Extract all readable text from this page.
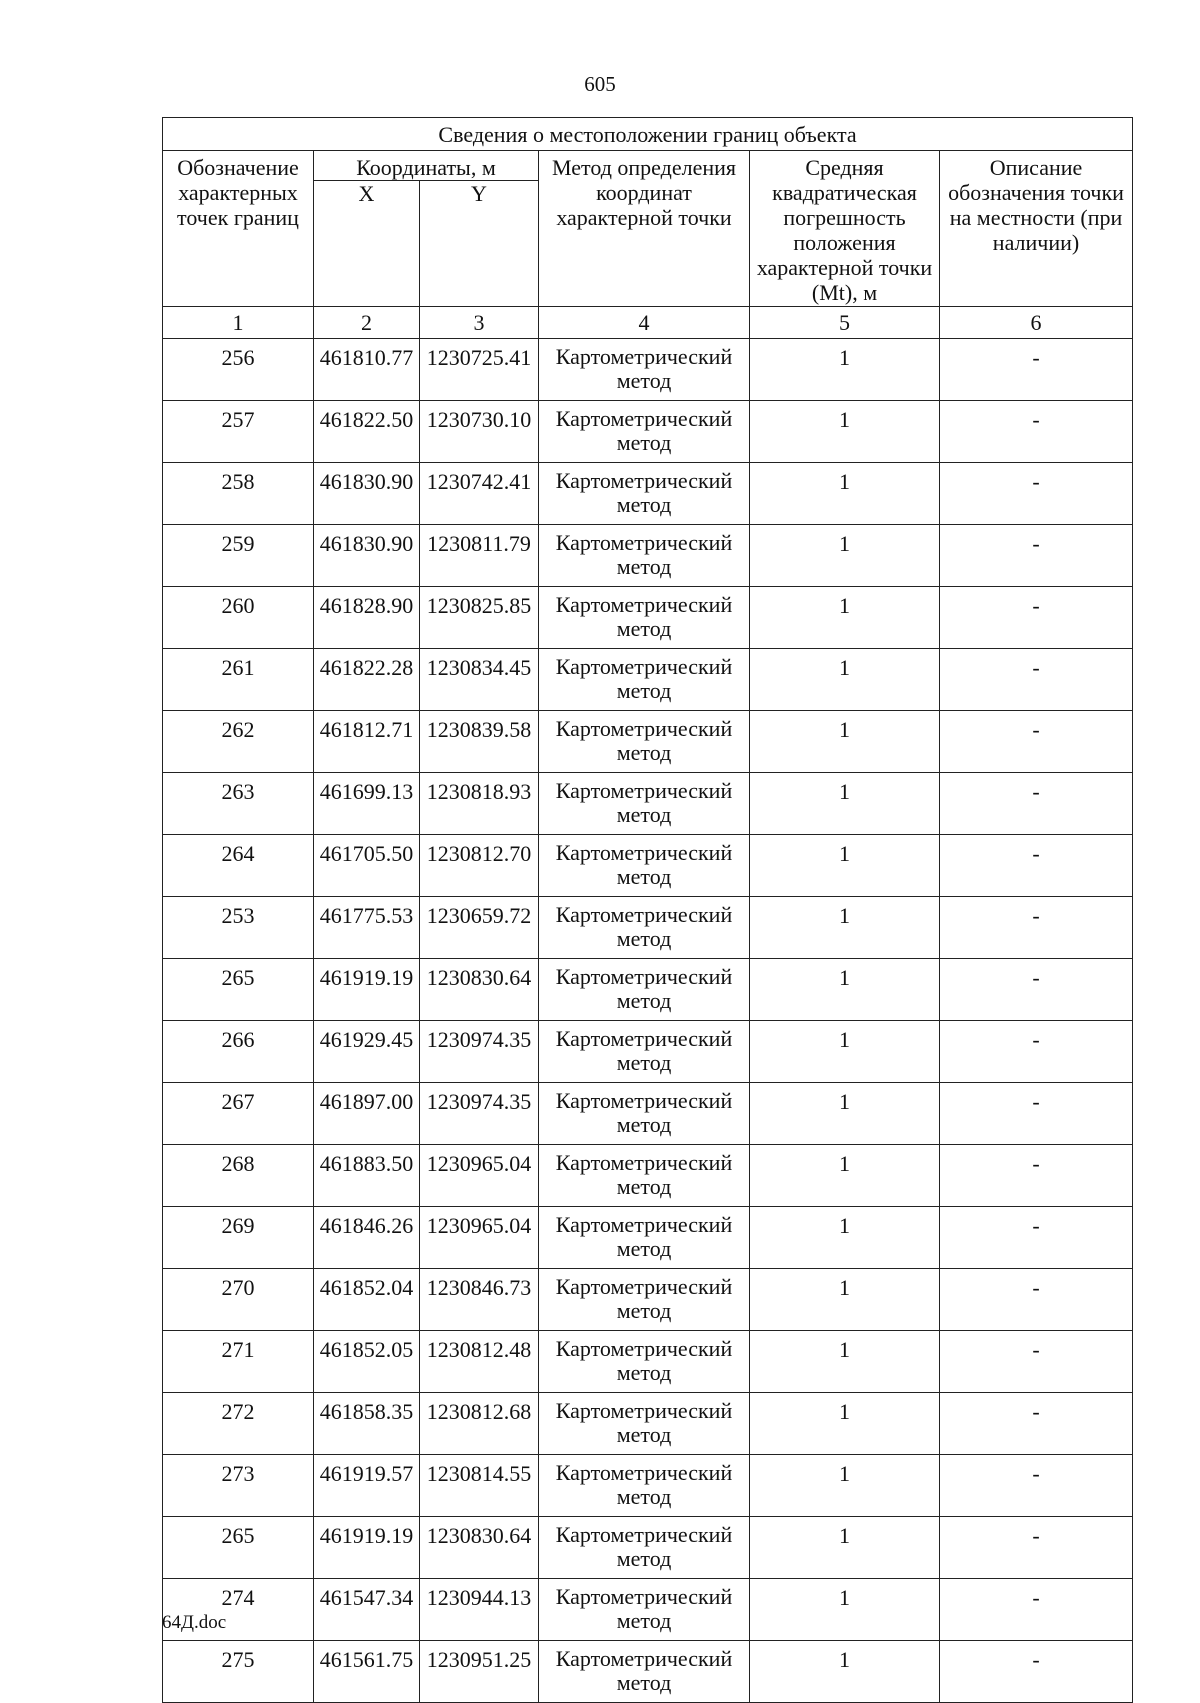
605
Сведения о местоположении границ объекта					
Обозначение характерных точек границ	Координаты, м		Метод определения координат характерной точки	Средняя квадратическая погрешность положения характерной точки (Mt), м	Описание обозначения точки на местности (при наличии)
	X	Y			
1	2	3	4	5	6
256	461810.77	1230725.41	Картометрический метод	1	-
257	461822.50	1230730.10	Картометрический метод	1	-
258	461830.90	1230742.41	Картометрический метод	1	-
259	461830.90	1230811.79	Картометрический метод	1	-
260	461828.90	1230825.85	Картометрический метод	1	-
261	461822.28	1230834.45	Картометрический метод	1	-
262	461812.71	1230839.58	Картометрический метод	1	-
263	461699.13	1230818.93	Картометрический метод	1	-
264	461705.50	1230812.70	Картометрический метод	1	-
253	461775.53	1230659.72	Картометрический метод	1	-
265	461919.19	1230830.64	Картометрический метод	1	-
266	461929.45	1230974.35	Картометрический метод	1	-
267	461897.00	1230974.35	Картометрический метод	1	-
268	461883.50	1230965.04	Картометрический метод	1	-
269	461846.26	1230965.04	Картометрический метод	1	-
270	461852.04	1230846.73	Картометрический метод	1	-
271	461852.05	1230812.48	Картометрический метод	1	-
272	461858.35	1230812.68	Картометрический метод	1	-
273	461919.57	1230814.55	Картометрический метод	1	-
265	461919.19	1230830.64	Картометрический метод	1	-
274	461547.34	1230944.13	Картометрический метод	1	-
275	461561.75	1230951.25	Картометрический метод	1	-
64Д.doc
